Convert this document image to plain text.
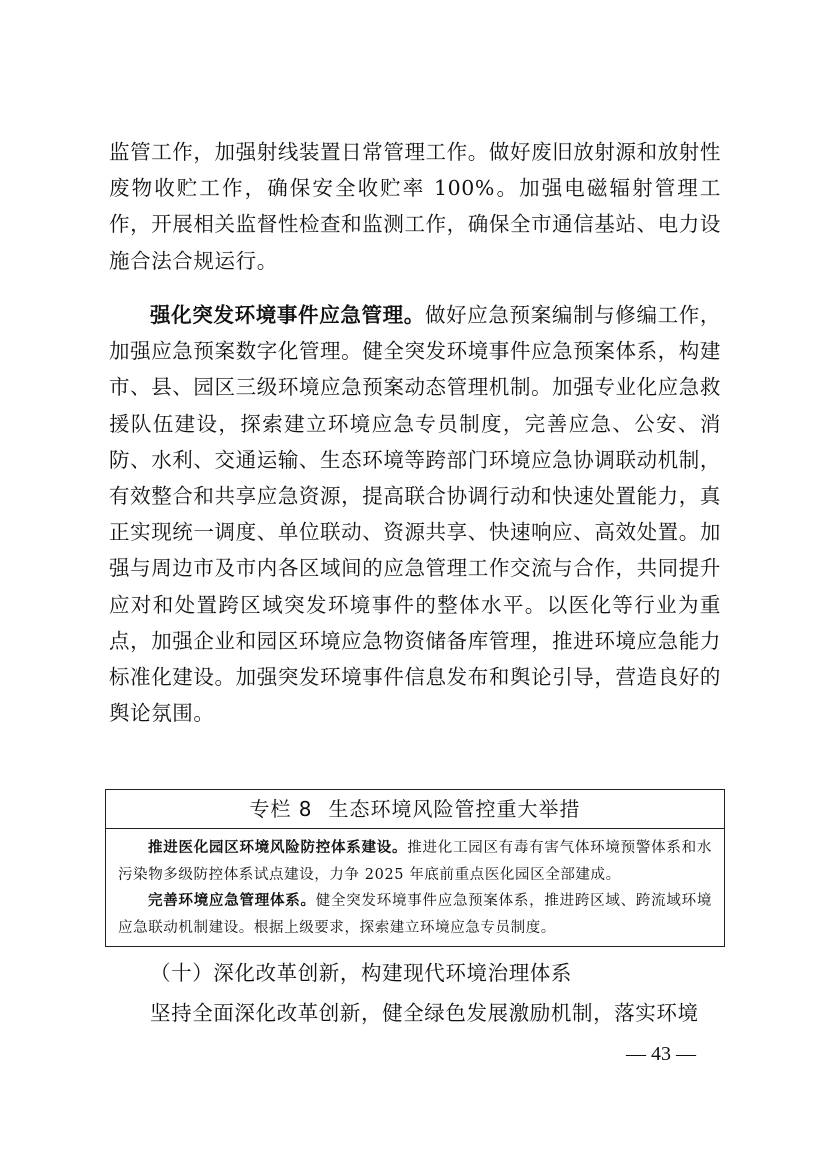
监管工作，加强射线装置日常管理工作。做好废旧放射源和放射性废物收贮工作，确保安全收贮率 100%。加强电磁辐射管理工作，开展相关监督性检查和监测工作，确保全市通信基站、电力设施合法合规运行。

强化突发环境事件应急管理。做好应急预案编制与修编工作，加强应急预案数字化管理。健全突发环境事件应急预案体系，构建市、县、园区三级环境应急预案动态管理机制。加强专业化应急救援队伍建设，探索建立环境应急专员制度，完善应急、公安、消防、水利、交通运输、生态环境等跨部门环境应急协调联动机制，有效整合和共享应急资源，提高联合协调行动和快速处置能力，真正实现统一调度、单位联动、资源共享、快速响应、高效处置。加强与周边市及市内各区域间的应急管理工作交流与合作，共同提升应对和处置跨区域突发环境事件的整体水平。以医化等行业为重点，加强企业和园区环境应急物资储备库管理，推进环境应急能力标准化建设。加强突发环境事件信息发布和舆论引导，营造良好的舆论氛围。

专栏 8 生态环境风险管控重大举措

推进医化园区环境风险防控体系建设。推进化工园区有毒有害气体环境预警体系和水污染物多级防控体系试点建设，力争 2025 年底前重点医化园区全部建成。

完善环境应急管理体系。健全突发环境事件应急预案体系，推进跨区域、跨流域环境应急联动机制建设。根据上级要求，探索建立环境应急专员制度。

（十）深化改革创新，构建现代环境治理体系

坚持全面深化改革创新，健全绿色发展激励机制，落实环境

— 43 —
